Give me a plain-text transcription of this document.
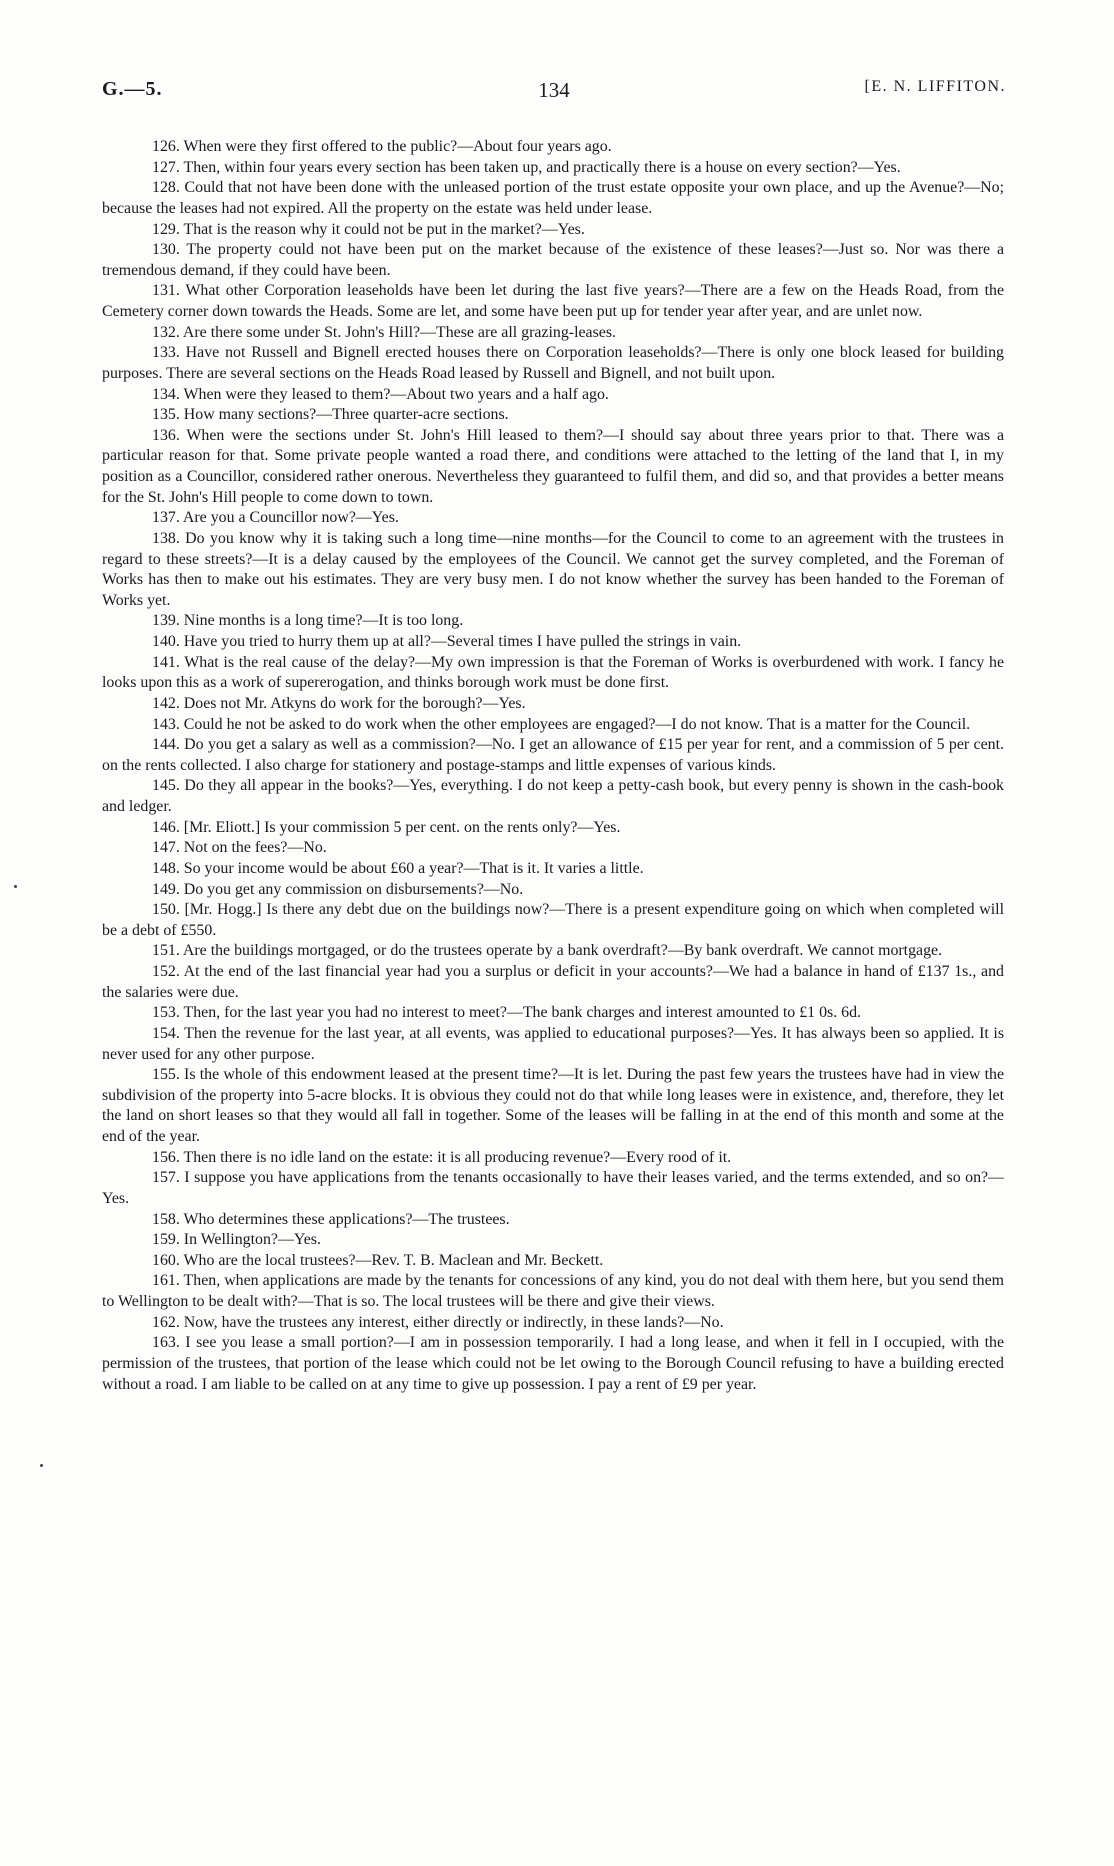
G.—5.	134	[E. N. LIFFITON.

126. When were they first offered to the public?—About four years ago.

127. Then, within four years every section has been taken up, and practically there is a house on every section?—Yes.

128. Could that not have been done with the unleased portion of the trust estate opposite your own place, and up the Avenue?—No; because the leases had not expired. All the property on the estate was held under lease.

129. That is the reason why it could not be put in the market?—Yes.

130. The property could not have been put on the market because of the existence of these leases?—Just so. Nor was there a tremendous demand, if they could have been.

131. What other Corporation leaseholds have been let during the last five years?—There are a few on the Heads Road, from the Cemetery corner down towards the Heads. Some are let, and some have been put up for tender year after year, and are unlet now.

132. Are there some under St. John's Hill?—These are all grazing-leases.

133. Have not Russell and Bignell erected houses there on Corporation leaseholds?—There is only one block leased for building purposes. There are several sections on the Heads Road leased by Russell and Bignell, and not built upon.

134. When were they leased to them?—About two years and a half ago.

135. How many sections?—Three quarter-acre sections.

136. When were the sections under St. John's Hill leased to them?—I should say about three years prior to that. There was a particular reason for that. Some private people wanted a road there, and conditions were attached to the letting of the land that I, in my position as a Councillor, considered rather onerous. Nevertheless they guaranteed to fulfil them, and did so, and that provides a better means for the St. John's Hill people to come down to town.

137. Are you a Councillor now?—Yes.

138. Do you know why it is taking such a long time—nine months—for the Council to come to an agreement with the trustees in regard to these streets?—It is a delay caused by the employees of the Council. We cannot get the survey completed, and the Foreman of Works has then to make out his estimates. They are very busy men. I do not know whether the survey has been handed to the Foreman of Works yet.

139. Nine months is a long time?—It is too long.

140. Have you tried to hurry them up at all?—Several times I have pulled the strings in vain.

141. What is the real cause of the delay?—My own impression is that the Foreman of Works is overburdened with work. I fancy he looks upon this as a work of supererogation, and thinks borough work must be done first.

142. Does not Mr. Atkyns do work for the borough?—Yes.

143. Could he not be asked to do work when the other employees are engaged?—I do not know. That is a matter for the Council.

144. Do you get a salary as well as a commission?—No. I get an allowance of £15 per year for rent, and a commission of 5 per cent. on the rents collected. I also charge for stationery and postage-stamps and little expenses of various kinds.

145. Do they all appear in the books?—Yes, everything. I do not keep a petty-cash book, but every penny is shown in the cash-book and ledger.

146. [Mr. Eliott.] Is your commission 5 per cent. on the rents only?—Yes.

147. Not on the fees?—No.

148. So your income would be about £60 a year?—That is it. It varies a little.

149. Do you get any commission on disbursements?—No.

150. [Mr. Hogg.] Is there any debt due on the buildings now?—There is a present expenditure going on which when completed will be a debt of £550.

151. Are the buildings mortgaged, or do the trustees operate by a bank overdraft?—By bank overdraft. We cannot mortgage.

152. At the end of the last financial year had you a surplus or deficit in your accounts?—We had a balance in hand of £137 1s., and the salaries were due.

153. Then, for the last year you had no interest to meet?—The bank charges and interest amounted to £1 0s. 6d.

154. Then the revenue for the last year, at all events, was applied to educational purposes?—Yes. It has always been so applied. It is never used for any other purpose.

155. Is the whole of this endowment leased at the present time?—It is let. During the past few years the trustees have had in view the subdivision of the property into 5-acre blocks. It is obvious they could not do that while long leases were in existence, and, therefore, they let the land on short leases so that they would all fall in together. Some of the leases will be falling in at the end of this month and some at the end of the year.

156. Then there is no idle land on the estate: it is all producing revenue?—Every rood of it.

157. I suppose you have applications from the tenants occasionally to have their leases varied, and the terms extended, and so on?—Yes.

158. Who determines these applications?—The trustees.

159. In Wellington?—Yes.

160. Who are the local trustees?—Rev. T. B. Maclean and Mr. Beckett.

161. Then, when applications are made by the tenants for concessions of any kind, you do not deal with them here, but you send them to Wellington to be dealt with?—That is so. The local trustees will be there and give their views.

162. Now, have the trustees any interest, either directly or indirectly, in these lands?—No.

163. I see you lease a small portion?—I am in possession temporarily. I had a long lease, and when it fell in I occupied, with the permission of the trustees, that portion of the lease which could not be let owing to the Borough Council refusing to have a building erected without a road. I am liable to be called on at any time to give up possession. I pay a rent of £9 per year.
